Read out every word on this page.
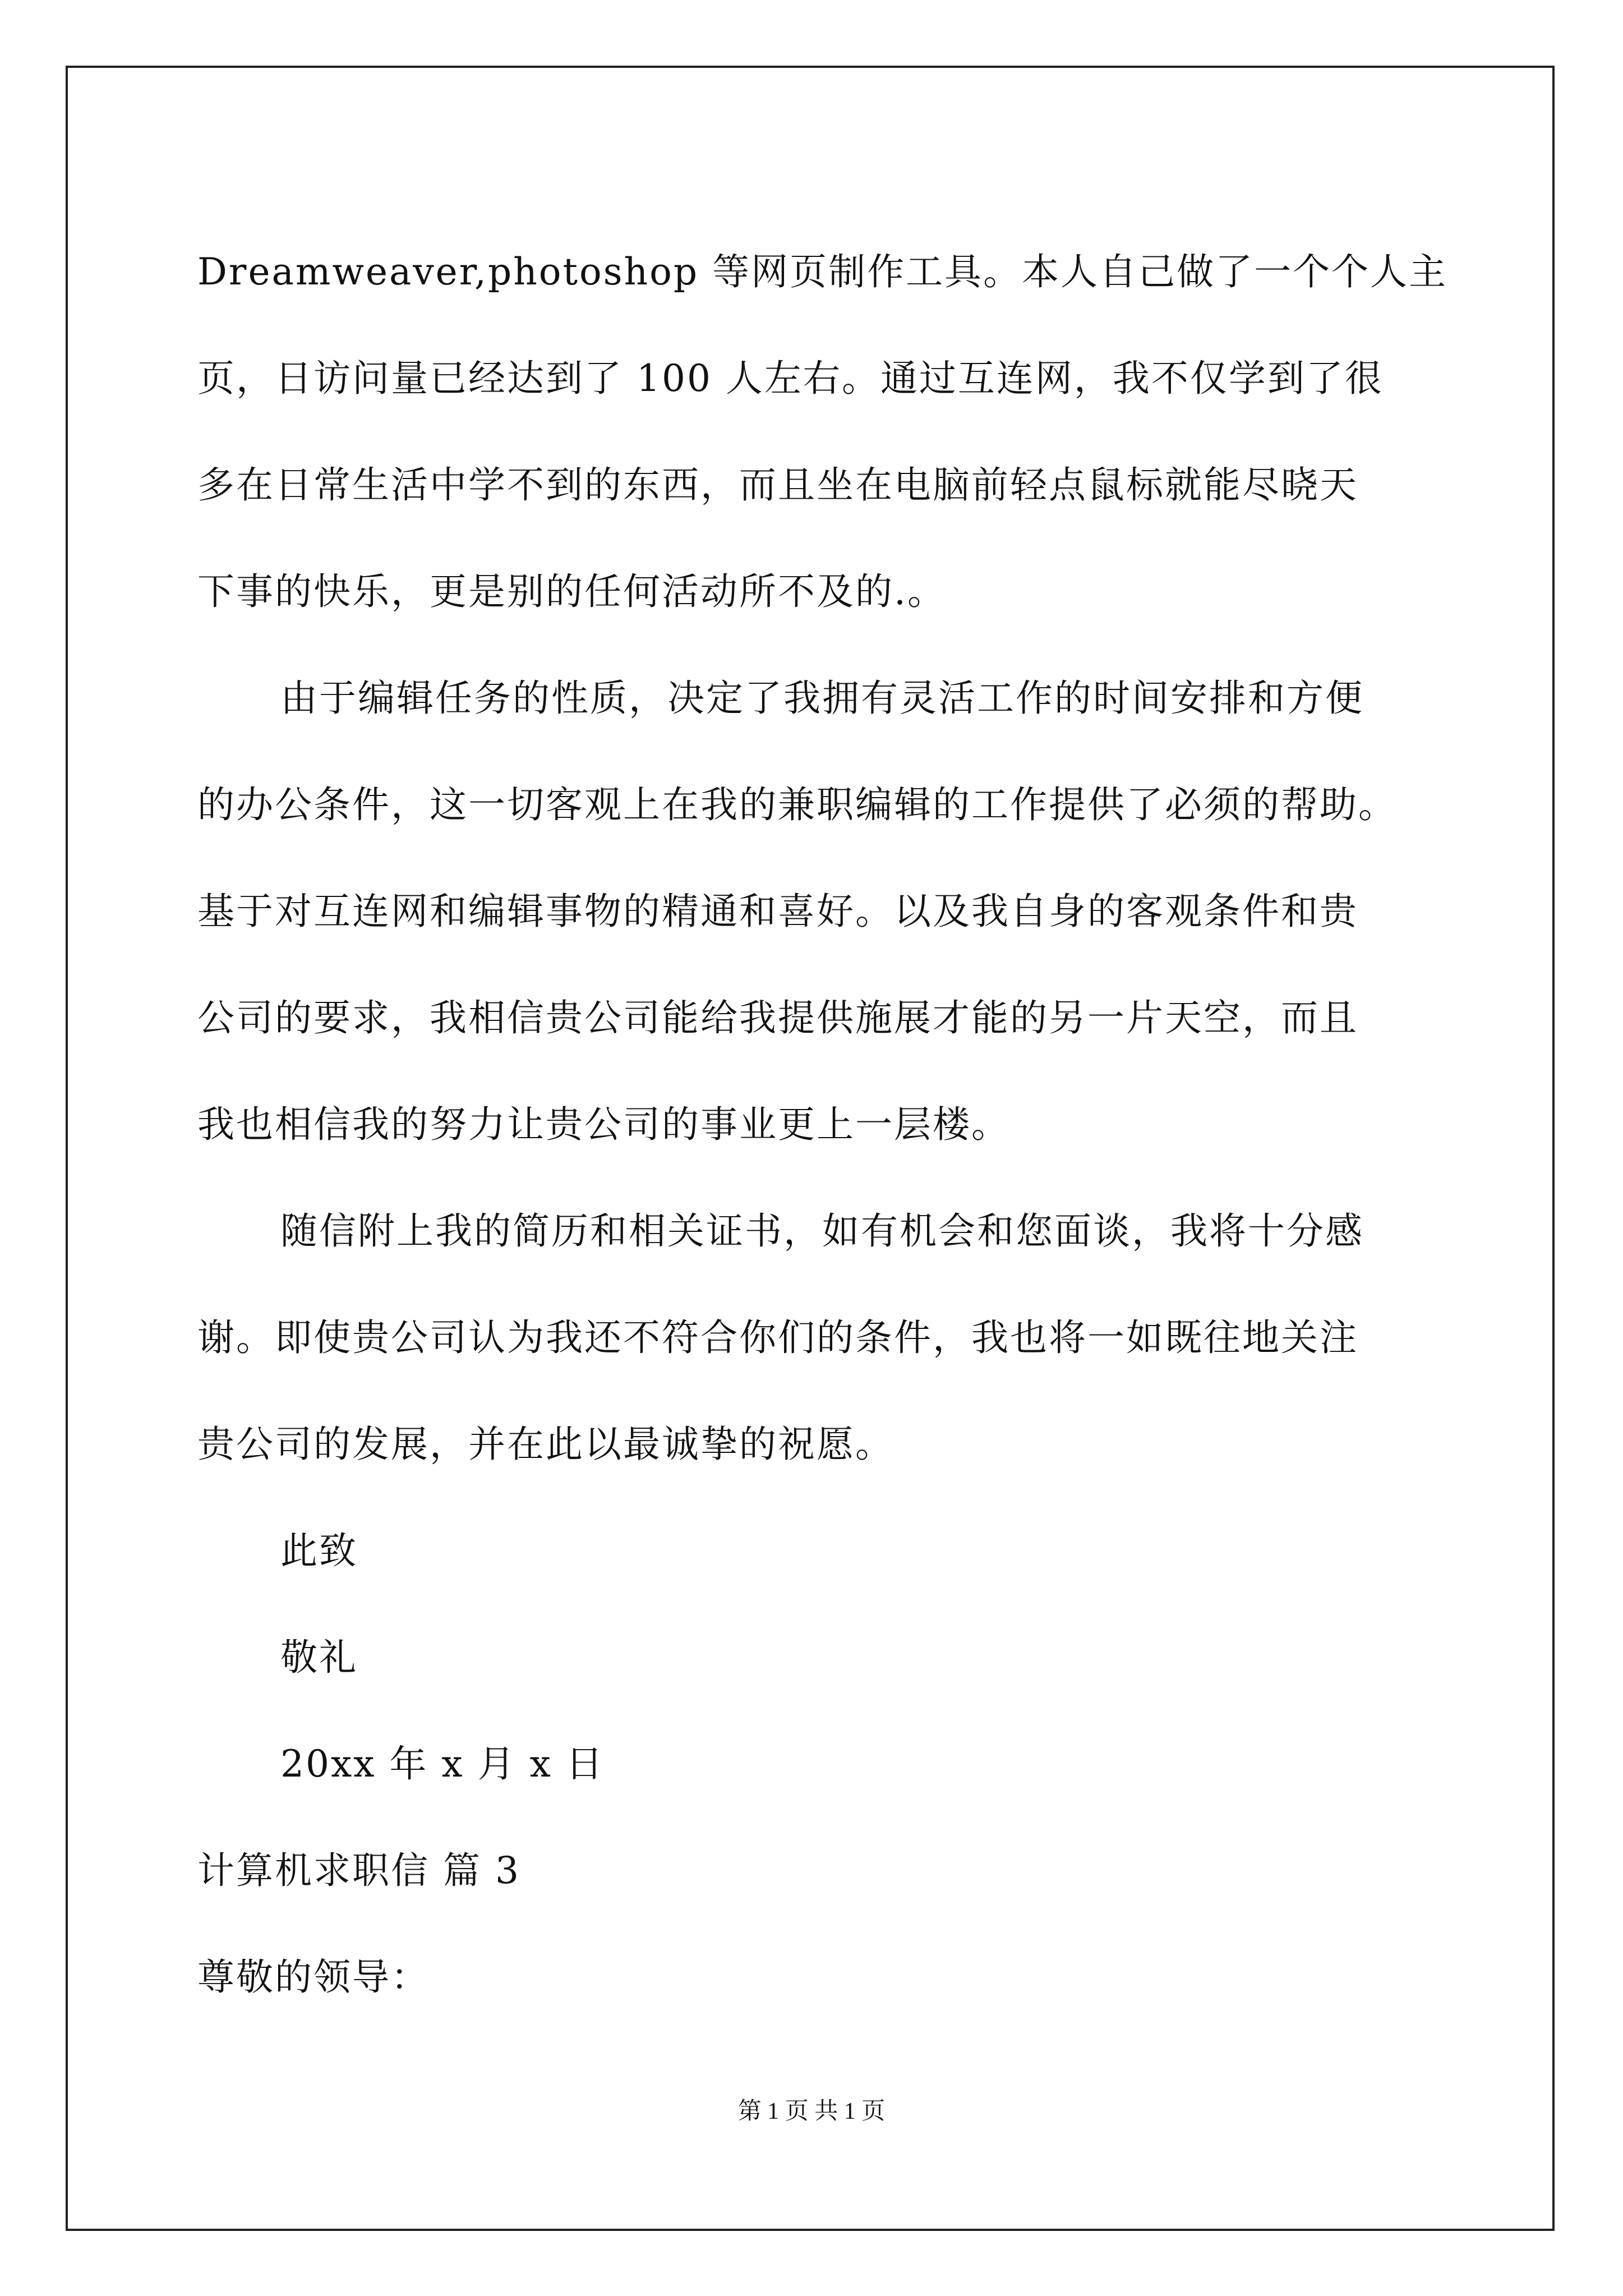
Dreamweaver,photoshop 等网页制作工具。本人自己做了一个个人主
页，日访问量已经达到了 100 人左右。通过互连网，我不仅学到了很
多在日常生活中学不到的东西，而且坐在电脑前轻点鼠标就能尽晓天
下事的快乐，更是别的任何活动所不及的.。
由于编辑任务的性质，决定了我拥有灵活工作的时间安排和方便
的办公条件，这一切客观上在我的兼职编辑的工作提供了必须的帮助。
基于对互连网和编辑事物的精通和喜好。以及我自身的客观条件和贵
公司的要求，我相信贵公司能给我提供施展才能的另一片天空，而且
我也相信我的努力让贵公司的事业更上一层楼。
随信附上我的简历和相关证书，如有机会和您面谈，我将十分感
谢。即使贵公司认为我还不符合你们的条件，我也将一如既往地关注
贵公司的发展，并在此以最诚挚的祝愿。
此致
敬礼
20xx 年 x 月 x 日
计算机求职信 篇 3
尊敬的领导：
第 1 页 共 1 页
